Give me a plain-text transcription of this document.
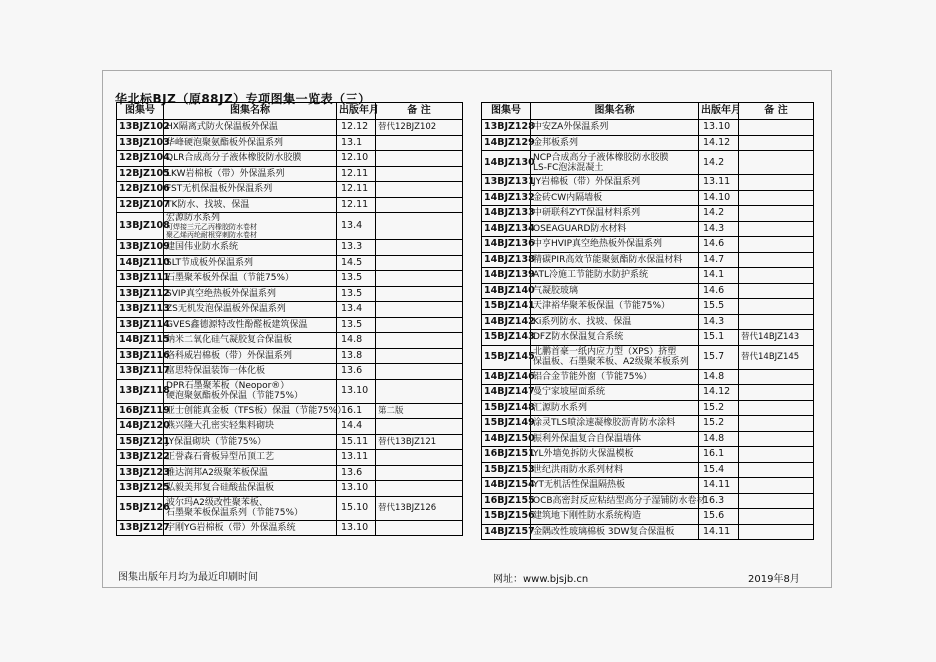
华北标BJZ（原88JZ）专项图集一览表（三）
图集号	图集名称	出版年月	备 注
13BJZ102	HX隔离式防火保温板外保温	12.12	替代12BJZ102
13BJZ103	华峰硬泡聚氨酯板外保温系列	13.1	
12BJZ104	QLR合成高分子液体橡胶防水胶膜	12.10	
12BJZ105	LKW岩棉板（带）外保温系列	12.11	
12BJZ106	FST无机保温板外保温系列	12.11	
12BJZ107	TK防水、找坡、保温	12.11	
13BJZ108	宏源防水系列
可焊接三元乙丙橡胶防水卷材
聚乙烯丙纶耐根穿刺防水卷材	13.4	
13BJZ109	建国伟业防水系统	13.3	
14BJZ110	SLT节成板外保温系列	14.5	
13BJZ111	石墨聚苯板外保温（节能75%）	13.5	
13BJZ112	SVIP真空绝热板外保温系列	13.5	
13BJZ113	ZS无机发泡保温板外保温系列	13.4	
13BJZ114	GVES鑫德源特改性酚醛板建筑保温	13.5	
14BJZ115	纳米二氧化硅气凝胶复合保温板	14.8	
13BJZ116	洛科威岩棉板（带）外保温系列	13.8	
13BJZ117	富思特保温装饰一体化板	13.6	
13BJZ118	DPR石墨聚苯板（Neopor®）
硬泡聚氨酯板外保温（节能75%）	13.10	
16BJZ119	亚士创能真金板（TFS板）保温（节能75%）	16.1	第二版
14BJZ120	燕兴隆大孔密实轻集料砌块	14.4	
15BJZ121	JY保温砌块（节能75%）	15.11	替代13BJZ121
13BJZ122	正誉森石膏板异型吊顶工艺	13.11	
13BJZ123	雅达润邦A2级聚苯板保温	13.6	
13BJZ125	弘毅美邦复合硅酸盐保温板	13.10	
15BJZ126	波尔玛A2级改性聚苯板、
石墨聚苯板保温系列（节能75%）	15.10	替代13BJZ126
13BJZ127	宇刚YG岩棉板（带）外保温系统	13.10	
图集号	图集名称	出版年月	备 注
13BJZ128	中安ZA外保温系列	13.10	
14BJZ129	金邦板系列	14.12	
14BJZ130	NCP合成高分子液体橡胶防水胶膜
LS-FC泡沫混凝土	14.2	
13BJZ131	JY岩棉板（带）外保温系列	13.11	
14BJZ132	金砖CW内隔墙板	14.10	
14BJZ133	中研联科ZYT保温材料系列	14.2	
14BJZ134	OSEAGUARD防水材料	14.3	
14BJZ136	中亨HVIP真空绝热板外保温系列	14.6	
14BJZ138	精碳PIR高效节能聚氨酯防水保温材料	14.7	
14BJZ139	ATL冷施工节能防水防护系统	14.1	
14BJZ140	气凝胶玻璃	14.6	
15BJZ141	天津裕华聚苯板保温（节能75%）	15.5	
14BJZ142	Ki系列防水、找坡、保温	14.3	
15BJZ143	DFZ防水保温复合系统	15.1	替代14BJZ143
15BJZ145	北鹏首豪一纸内应力型（XPS）挤塑
保温板、石墨聚苯板、A2级聚苯板系列	15.7	替代14BJZ145
14BJZ146	铝合金节能外窗（节能75%）	14.8	
14BJZ147	曼宁家坡屋面系统	14.12	
15BJZ148	汇源防水系列	15.2	
15BJZ149	涂灵TLS喷涂速凝橡胶沥青防水涂料	15.2	
14BJZ150	振利外保温复合自保温墙体	14.8	
16BJZ151	YL外墙免拆防火保温模板	16.1	
15BJZ153	世纪洪雨防水系列材料	15.4	
14BJZ154	YT无机活性保温隔热板	14.11	
16BJZ155	OCB高密封反应粘结型高分子湿铺防水卷材	16.3	
15BJZ156	建筑地下刚性防水系统构造	15.6	
14BJZ157	金隅改性玻璃棉板 3DW复合保温板	14.11	
图集出版年月均为最近印刷时间	网址：www.bjsjb.cn	2019年8月
